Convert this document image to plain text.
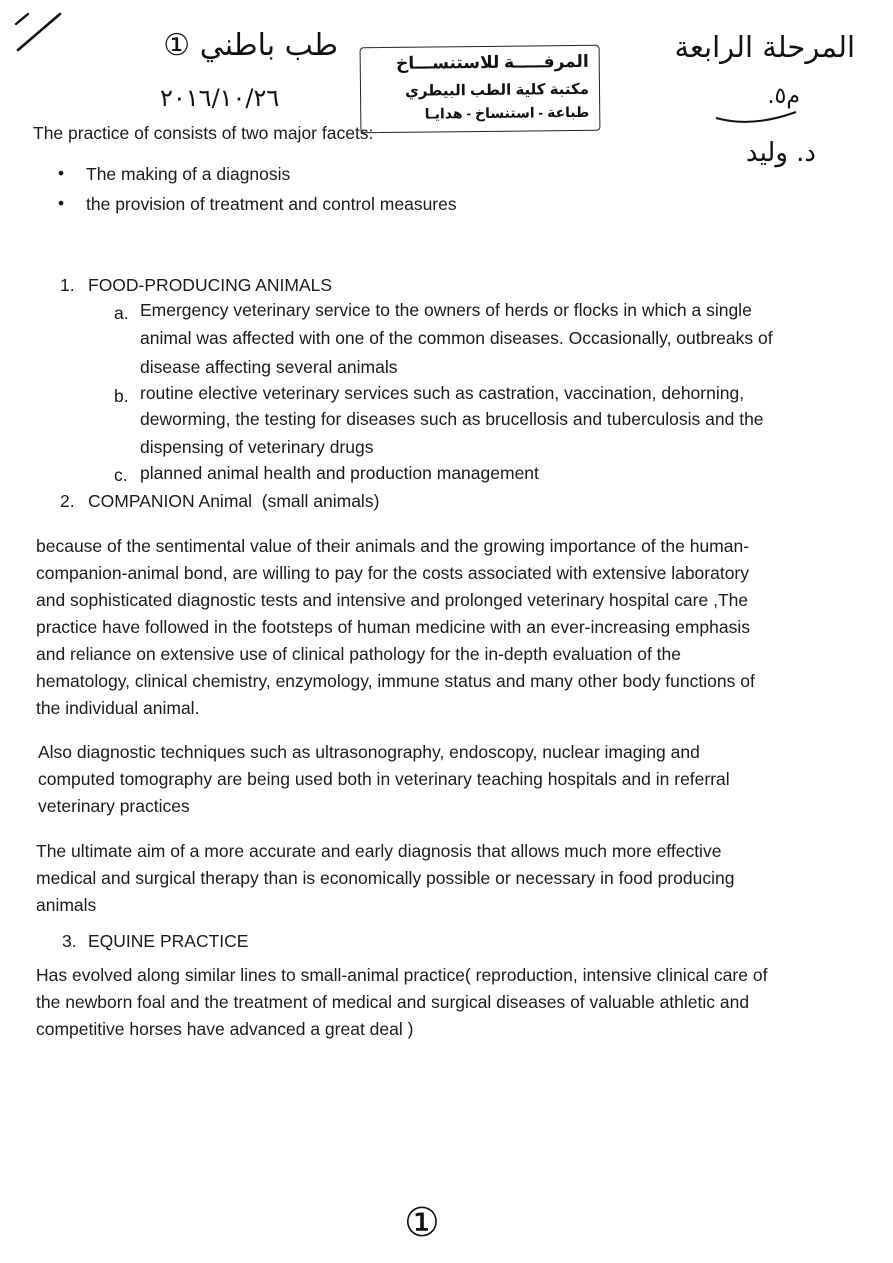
طب باطني ①
٢٠١٦/١٠/٢٦
المرفـــــة للاستنســـاخ
مكتبة كلية الطب البيطري
طباعة - استنساخ - هدايـا
المرحلة الرابعة
م٥.
د. وليد
The practice of consists of two major facets:
• The making of a diagnosis
• the provision of treatment and control measures
1. FOOD-PRODUCING ANIMALS
a. Emergency veterinary service to the owners of herds or flocks in which a single
animal was affected with one of the common diseases. Occasionally, outbreaks of
disease affecting several animals
b. routine elective veterinary services such as castration, vaccination, dehorning,
deworming, the testing for diseases such as brucellosis and tuberculosis and the
dispensing of veterinary drugs
c. planned animal health and production management
2. COMPANION Animal  (small animals)
because of the sentimental value of their animals and the growing importance of the human-
companion-animal bond, are willing to pay for the costs associated with extensive laboratory
and sophisticated diagnostic tests and intensive and prolonged veterinary hospital care ,The
practice have followed in the footsteps of human medicine with an ever-increasing emphasis
and reliance on extensive use of clinical pathology for the in-depth evaluation of the
hematology, clinical chemistry, enzymology, immune status and many other body functions of
the individual animal.
Also diagnostic techniques such as ultrasonography, endoscopy, nuclear imaging and
computed tomography are being used both in veterinary teaching hospitals and in referral
veterinary practices
The ultimate aim of a more accurate and early diagnosis that allows much more effective
medical and surgical therapy than is economically possible or necessary in food producing
animals
3. EQUINE PRACTICE
Has evolved along similar lines to small-animal practice( reproduction, intensive clinical care of
the newborn foal and the treatment of medical and surgical diseases of valuable athletic and
competitive horses have advanced a great deal )
①
